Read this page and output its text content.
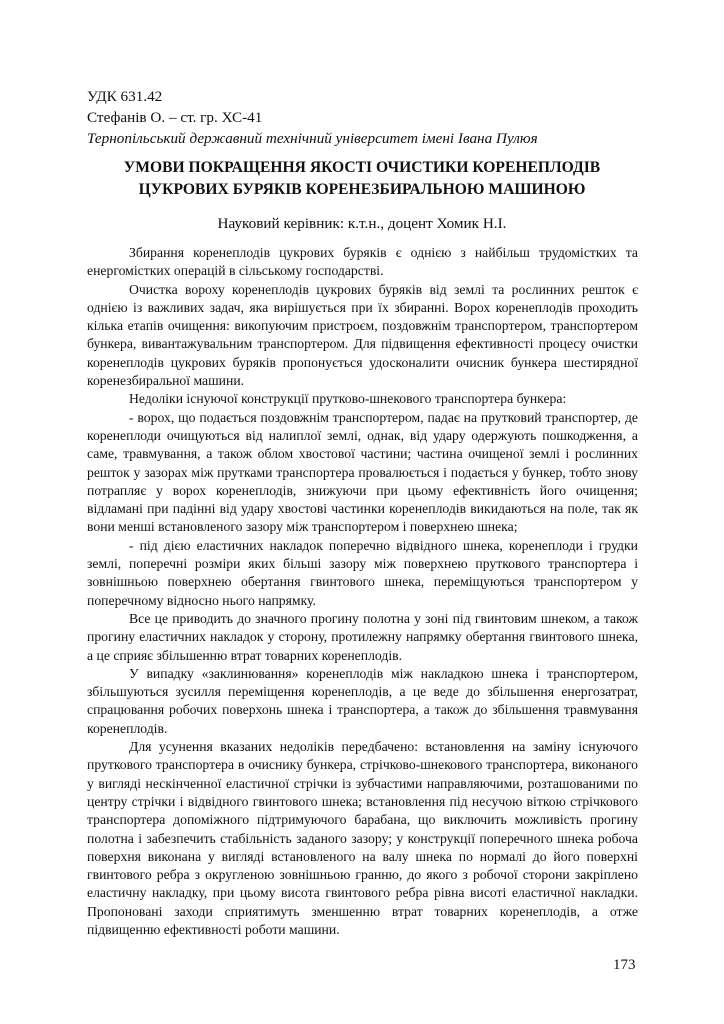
УДК 631.42
Стефанів О. – ст. гр. ХС-41
Тернопільський державний технічний університет імені Івана Пулюя
УМОВИ ПОКРАЩЕННЯ ЯКОСТІ ОЧИСТИКИ КОРЕНЕПЛОДІВ
ЦУКРОВИХ БУРЯКІВ КОРЕНЕЗБИРАЛЬНОЮ МАШИНОЮ
Науковий керівник: к.т.н., доцент Хомик Н.І.

Збирання коренеплодів цукрових буряків є однією з найбільш трудомістких та енергомістких операцій в сільському господарстві.

Очистка вороху коренеплодів цукрових буряків від землі та рослинних решток є однією із важливих задач, яка вирішується при їх збиранні. Ворох коренеплодів проходить кілька етапів очищення: викопуючим пристроєм, поздовжнім транспортером, транспортером бункера, вивантажувальним транспортером. Для підвищення ефективності процесу очистки коренеплодів цукрових буряків пропонується удосконалити очисник бункера шестирядної коренезбиральної машини.

Недоліки існуючої конструкції прутково-шнекового транспортера бункера:

- ворох, що подається поздовжнім транспортером, падає на прутковий транспортер, де коренеплоди очищуються від налиплої землі, однак, від удару одержують пошкодження, а саме, травмування, а також облом хвостової частини; частина очищеної землі і рослинних решток у зазорах між прутками транспортера провалюється і подається у бункер, тобто знову потрапляє у ворох коренеплодів, знижуючи при цьому ефективність його очищення; відламані при падінні від удару хвостові частинки коренеплодів викидаються на поле, так як вони менші встановленого зазору між транспортером і поверхнею шнека;

- під дією еластичних накладок поперечно відвідного шнека, коренеплоди і грудки землі, поперечні розміри яких більші зазору між поверхнею пруткового транспортера і зовнішньою поверхнею обертання гвинтового шнека, переміщуються транспортером у поперечному відносно нього напрямку.

Все це приводить до значного прогину полотна у зоні під гвинтовим шнеком, а також прогину еластичних накладок у сторону, протилежну напрямку обертання гвинтового шнека, а це сприяє збільшенню втрат товарних коренеплодів.

У випадку «заклинювання» коренеплодів між накладкою шнека і транспортером, збільшуються зусилля переміщення коренеплодів, а це веде до збільшення енергозатрат, спрацювання робочих поверхонь шнека і транспортера, а також до збільшення травмування коренеплодів.

Для усунення вказаних недоліків передбачено: встановлення на заміну існуючого пруткового транспортера в очиснику бункера, стрічково-шнекового транспортера, виконаного у вигляді нескінченної еластичної стрічки із зубчастими направляючими, розташованими по центру стрічки і відвідного гвинтового шнека; встановлення під несучою віткою стрічкового транспортера допоміжного підтримуючого барабана, що виключить можливість прогину полотна і забезпечить стабільність заданого зазору; у конструкції поперечного шнека робоча поверхня виконана у вигляді встановленого на валу шнека по нормалі до його поверхні гвинтового ребра з округленою зовнішньою гранню, до якого з робочої сторони закріплено еластичну накладку, при цьому висота гвинтового ребра рівна висоті еластичної накладки. Пропоновані заходи сприятимуть зменшенню втрат товарних коренеплодів, а отже підвищенню ефективності роботи машини.

173
